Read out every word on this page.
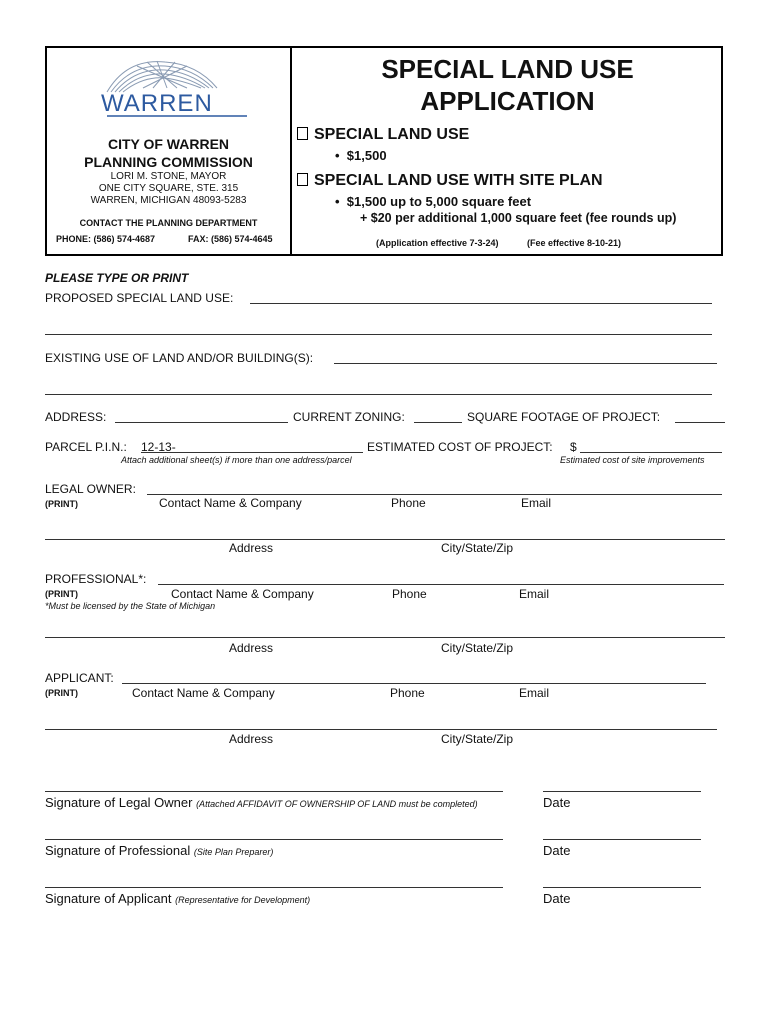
WARREN
CITY OF WARREN
PLANNING COMMISSION
LORI M. STONE, MAYOR
ONE CITY SQUARE, STE. 315
WARREN, MICHIGAN 48093-5283
CONTACT THE PLANNING DEPARTMENT
PHONE: (586) 574-4687	FAX: (586) 574-4645
SPECIAL LAND USE
APPLICATION
SPECIAL LAND USE
•  $1,500
SPECIAL LAND USE WITH SITE PLAN
•  $1,500 up to 5,000 square feet
+ $20 per additional 1,000 square feet (fee rounds up)
(Application effective 7-3-24)	(Fee effective 8-10-21)
PLEASE TYPE OR PRINT
PROPOSED SPECIAL LAND USE:
EXISTING USE OF LAND AND/OR BUILDING(S):
ADDRESS:	CURRENT ZONING:	SQUARE FOOTAGE OF PROJECT:
PARCEL P.I.N.: 12-13-	ESTIMATED COST OF PROJECT: $
Attach additional sheet(s) if more than one address/parcel	Estimated cost of site improvements
LEGAL OWNER:
(PRINT)	Contact Name & Company	Phone	Email
Address	City/State/Zip
PROFESSIONAL*:
(PRINT)	Contact Name & Company	Phone	Email
*Must be licensed by the State of Michigan
Address	City/State/Zip
APPLICANT:
(PRINT)	Contact Name & Company	Phone	Email
Address	City/State/Zip
Signature of Legal Owner (Attached AFFIDAVIT OF OWNERSHIP OF LAND must be completed)	Date
Signature of Professional (Site Plan Preparer)	Date
Signature of Applicant (Representative for Development)	Date
